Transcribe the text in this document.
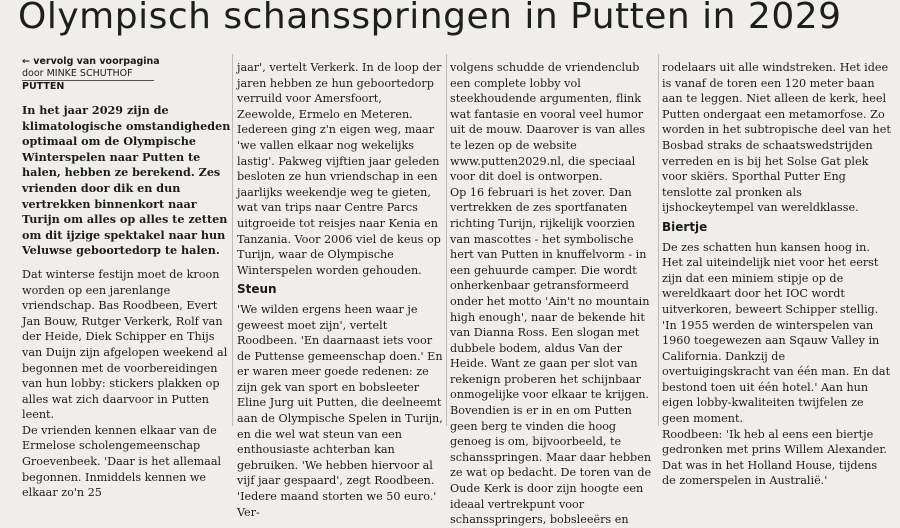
Olympisch schansspringen in Putten in 2029

← vervolg van voorpagina

door MINKE SCHUTHOF

PUTTEN

In het jaar 2029 zijn de klimatologische omstandigheden optimaal om de Olympische Winterspelen naar Putten te halen, hebben ze berekend. Zes vrienden door dik en dun vertrekken binnenkort naar Turijn om alles op alles te zetten om dit ijzige spektakel naar hun Veluwse geboortedorp te halen.

Dat winterse festijn moet de kroon worden op een jarenlange vriendschap. Bas Roodbeen, Evert Jan Bouw, Rutger Verkerk, Rolf van der Heide, Diek Schipper en Thijs van Duijn zijn afgelopen weekend al begonnen met de voorbereidingen van hun lobby: stickers plakken op alles wat zich daarvoor in Putten leent.

De vrienden kennen elkaar van de Ermelose scholengemeenschap Groevenbeek. 'Daar is het allemaal begonnen. Inmiddels kennen we elkaar zo'n 25

jaar', vertelt Verkerk. In de loop der jaren hebben ze hun geboortedorp verruild voor Amersfoort, Zeewolde, Ermelo en Meteren. Iedereen ging z'n eigen weg, maar 'we vallen elkaar nog wekelijks lastig'. Pakweg vijftien jaar geleden besloten ze hun vriendschap in een jaarlijks weekendje weg te gieten, wat van trips naar Centre Parcs uitgroeide tot reisjes naar Kenia en Tanzania. Voor 2006 viel de keus op Turijn, waar de Olympische Winterspelen worden gehouden.

Steun

'We wilden ergens heen waar je geweest moet zijn', vertelt Roodbeen. 'En daarnaast iets voor de Puttense gemeenschap doen.' En er waren meer goede redenen: ze zijn gek van sport en bobsleeter Eline Jurg uit Putten, die deelneemt aan de Olympische Spelen in Turijn, en die wel wat steun van een enthousiaste achterban kan gebruiken. 'We hebben hiervoor al vijf jaar gespaard', zegt Roodbeen. 'Iedere maand storten we 50 euro.' Ver-

volgens schudde de vriendenclub een complete lobby vol steekhoudende argumenten, flink wat fantasie en vooral veel humor uit de mouw. Daarover is van alles te lezen op de website www.putten2029.nl, die speciaal voor dit doel is ontworpen.

Op 16 februari is het zover. Dan vertrekken de zes sportfanaten richting Turijn, rijkelijk voorzien van mascottes - het symbolische hert van Putten in knuffelvorm - in een gehuurde camper. Die wordt onherkenbaar getransformeerd onder het motto 'Ain't no mountain high enough', naar de bekende hit van Dianna Ross. Een slogan met dubbele bodem, aldus Van der Heide. Want ze gaan per slot van rekenign proberen het schijnbaar onmogelijke voor elkaar te krijgen. Bovendien is er in en om Putten geen berg te vinden die hoog genoeg is om, bijvoorbeeld, te schansspringen. Maar daar hebben ze wat op bedacht. De toren van de Oude Kerk is door zijn hoogte een ideaal vertrekpunt voor schansspringers, bobsleeërs en

rodelaars uit alle windstreken. Het idee is vanaf de toren een 120 meter baan aan te leggen. Niet alleen de kerk, heel Putten ondergaat een metamorfose. Zo worden in het subtropische deel van het Bosbad straks de schaatswedstrijden verreden en is bij het Solse Gat plek voor skiërs. Sporthal Putter Eng tenslotte zal pronken als ijshockeytempel van wereldklasse.

Biertje

De zes schatten hun kansen hoog in. Het zal uiteindelijk niet voor het eerst zijn dat een miniem stipje op de wereldkaart door het IOC wordt uitverkoren, beweert Schipper stellig. 'In 1955 werden de winterspelen van 1960 toegewezen aan Sqauw Valley in California. Dankzij de overtuigingskracht van één man. En dat bestond toen uit één hotel.' Aan hun eigen lobby-kwaliteiten twijfelen ze geen moment.

Roodbeen: 'Ik heb al eens een biertje gedronken met prins Willem Alexander. Dat was in het Holland House, tijdens de zomerspelen in Australië.'
